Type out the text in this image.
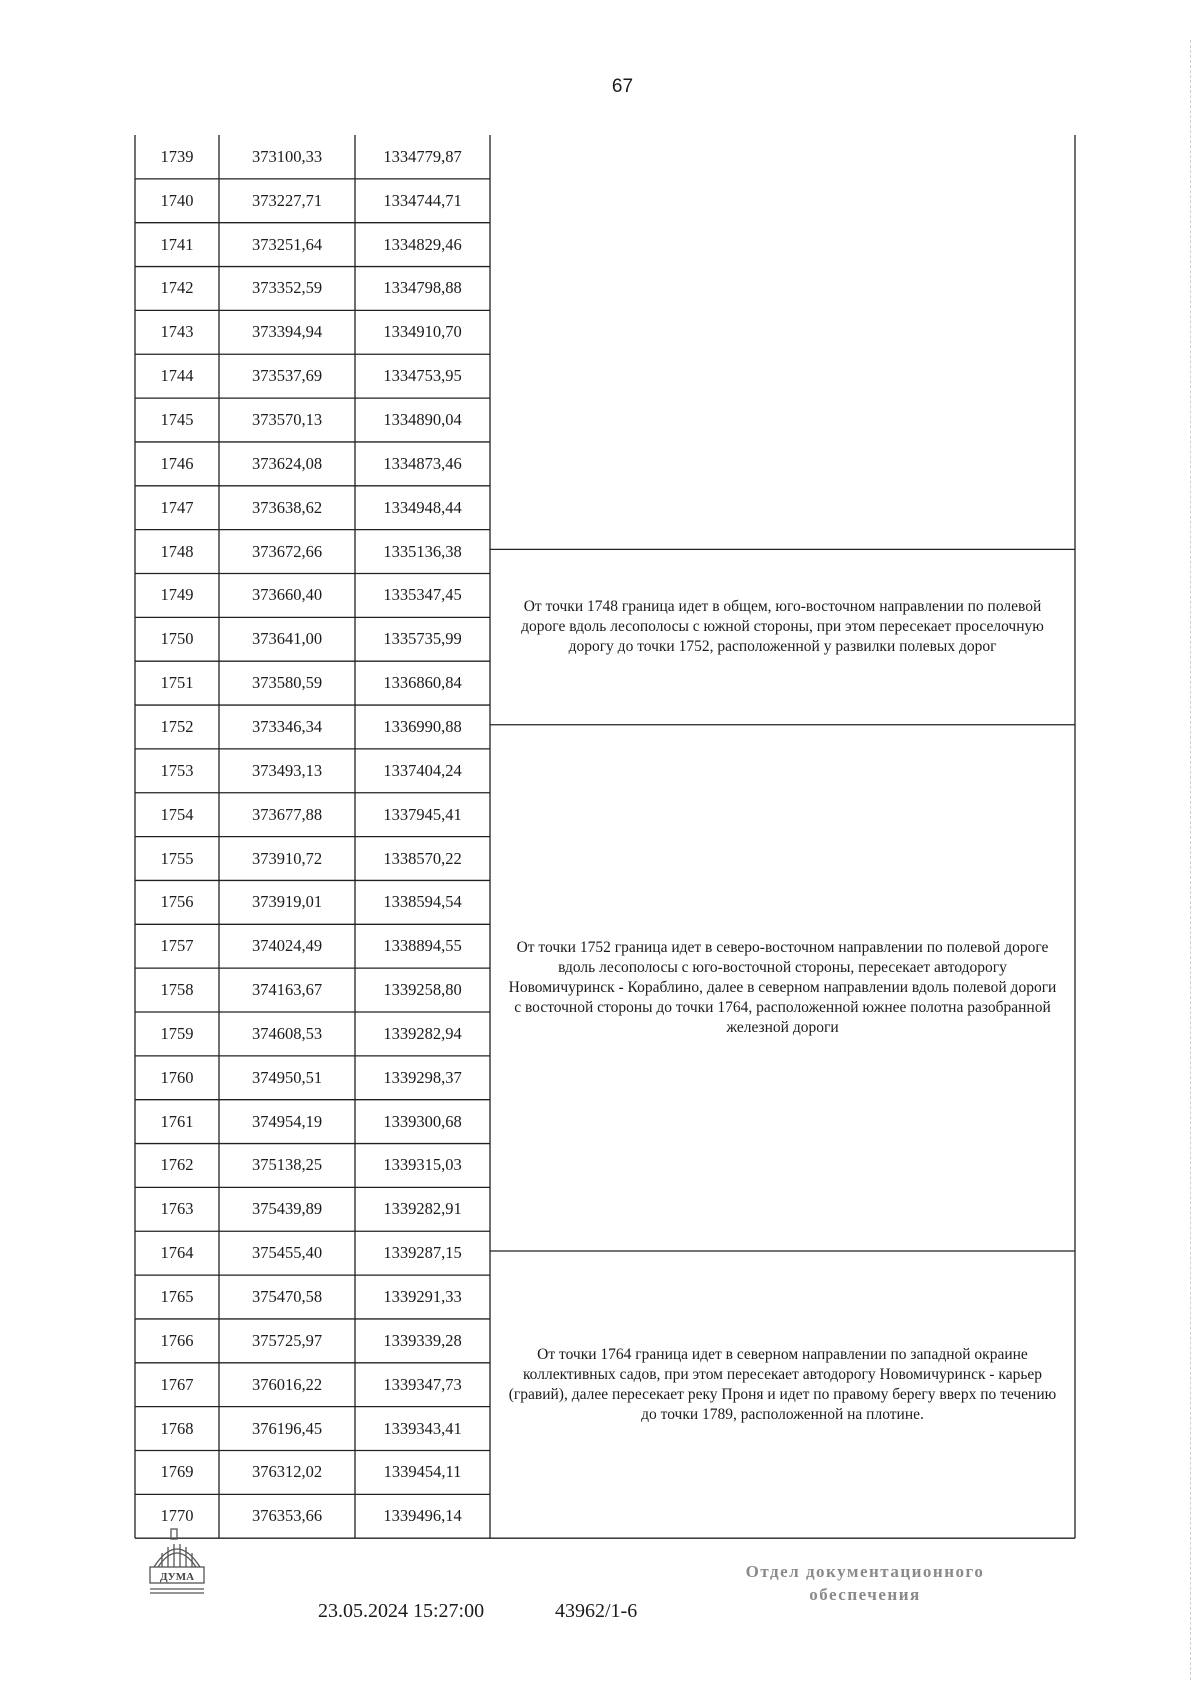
67
1739	373100,33	1334779,87
1740	373227,71	1334744,71
1741	373251,64	1334829,46
1742	373352,59	1334798,88
1743	373394,94	1334910,70
1744	373537,69	1334753,95
1745	373570,13	1334890,04
1746	373624,08	1334873,46
1747	373638,62	1334948,44
1748	373672,66	1335136,38
1749	373660,40	1335347,45
1750	373641,00	1335735,99
1751	373580,59	1336860,84
1752	373346,34	1336990,88
1753	373493,13	1337404,24
1754	373677,88	1337945,41
1755	373910,72	1338570,22
1756	373919,01	1338594,54
1757	374024,49	1338894,55
1758	374163,67	1339258,80
1759	374608,53	1339282,94
1760	374950,51	1339298,37
1761	374954,19	1339300,68
1762	375138,25	1339315,03
1763	375439,89	1339282,91
1764	375455,40	1339287,15
1765	375470,58	1339291,33
1766	375725,97	1339339,28
1767	376016,22	1339347,73
1768	376196,45	1339343,41
1769	376312,02	1339454,11
1770	376353,66	1339496,14
От точки 1748 граница идет в общем, юго-восточном направлении по полевой дороге вдоль лесополосы с южной стороны, при этом пересекает проселочную дорогу до точки 1752, расположенной у развилки полевых дорог
От точки 1752 граница идет в северо-восточном направлении по полевой дороге вдоль лесополосы с юго-восточной стороны, пересекает автодорогу Новомичуринск - Кораблино, далее в северном направлении вдоль полевой дороги с восточной стороны до точки 1764, расположенной южнее полотна разобранной железной дороги
От точки 1764 граница идет в северном направлении по западной окраине коллективных садов, при этом пересекает автодорогу Новомичуринск - карьер (гравий), далее пересекает реку Проня и идет по правому берегу вверх по течению до точки 1789, расположенной на плотине.
ДУМА
23.05.2024 15:27:00	43962/1-6
Отдел документационного
обеспечения
